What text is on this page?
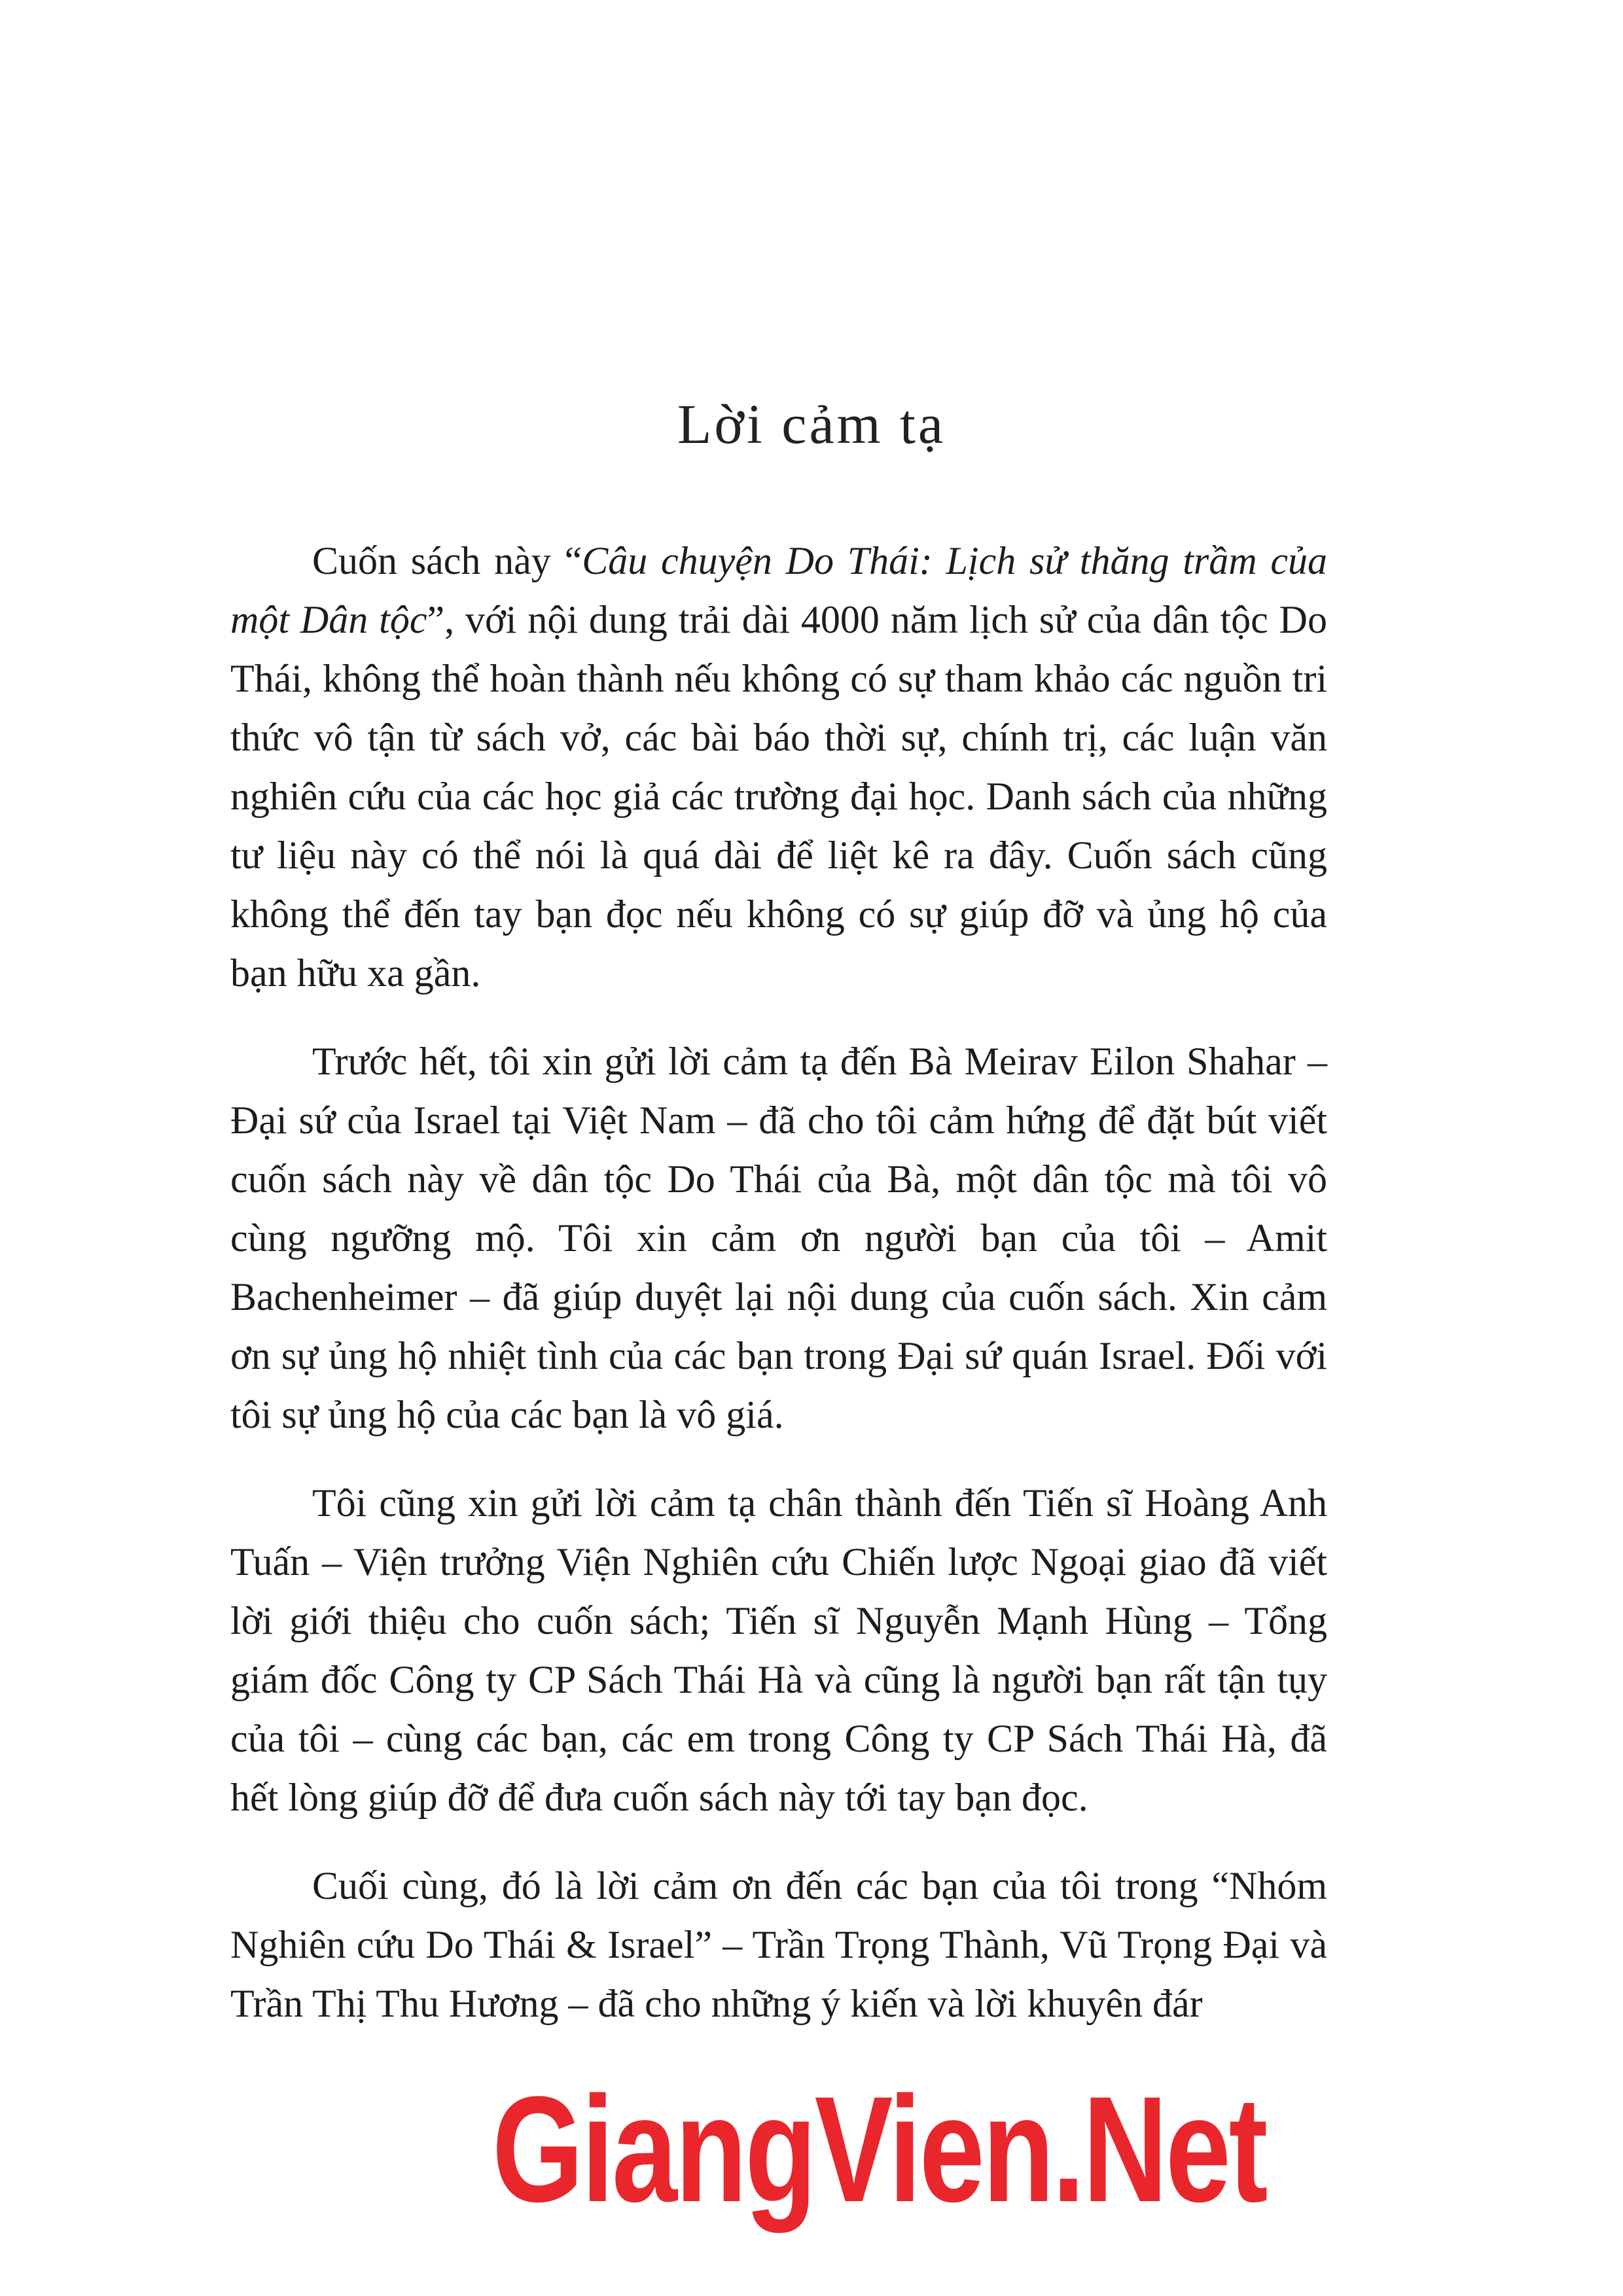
Lời cảm tạ

Cuốn sách này “Câu chuyện Do Thái: Lịch sử thăng trầm của một Dân tộc”, với nội dung trải dài 4000 năm lịch sử của dân tộc Do Thái, không thể hoàn thành nếu không có sự tham khảo các nguồn tri thức vô tận từ sách vở, các bài báo thời sự, chính trị, các luận văn nghiên cứu của các học giả các trường đại học. Danh sách của những tư liệu này có thể nói là quá dài để liệt kê ra đây. Cuốn sách cũng không thể đến tay bạn đọc nếu không có sự giúp đỡ và ủng hộ của bạn hữu xa gần.

Trước hết, tôi xin gửi lời cảm tạ đến Bà Meirav Eilon Shahar – Đại sứ của Israel tại Việt Nam – đã cho tôi cảm hứng để đặt bút viết cuốn sách này về dân tộc Do Thái của Bà, một dân tộc mà tôi vô cùng ngưỡng mộ. Tôi xin cảm ơn người bạn của tôi – Amit Bachenheimer – đã giúp duyệt lại nội dung của cuốn sách. Xin cảm ơn sự ủng hộ nhiệt tình của các bạn trong Đại sứ quán Israel. Đối với tôi sự ủng hộ của các bạn là vô giá.

Tôi cũng xin gửi lời cảm tạ chân thành đến Tiến sĩ Hoàng Anh Tuấn – Viện trưởng Viện Nghiên cứu Chiến lược Ngoại giao đã viết lời giới thiệu cho cuốn sách; Tiến sĩ Nguyễn Mạnh Hùng – Tổng giám đốc Công ty CP Sách Thái Hà và cũng là người bạn rất tận tụy của tôi – cùng các bạn, các em trong Công ty CP Sách Thái Hà, đã hết lòng giúp đỡ để đưa cuốn sách này tới tay bạn đọc.

Cuối cùng, đó là lời cảm ơn đến các bạn của tôi trong “Nhóm Nghiên cứu Do Thái & Israel” – Trần Trọng Thành, Vũ Trọng Đại và Trần Thị Thu Hương – đã cho những ý kiến và lời khuyên đár

GiangVien.Net
